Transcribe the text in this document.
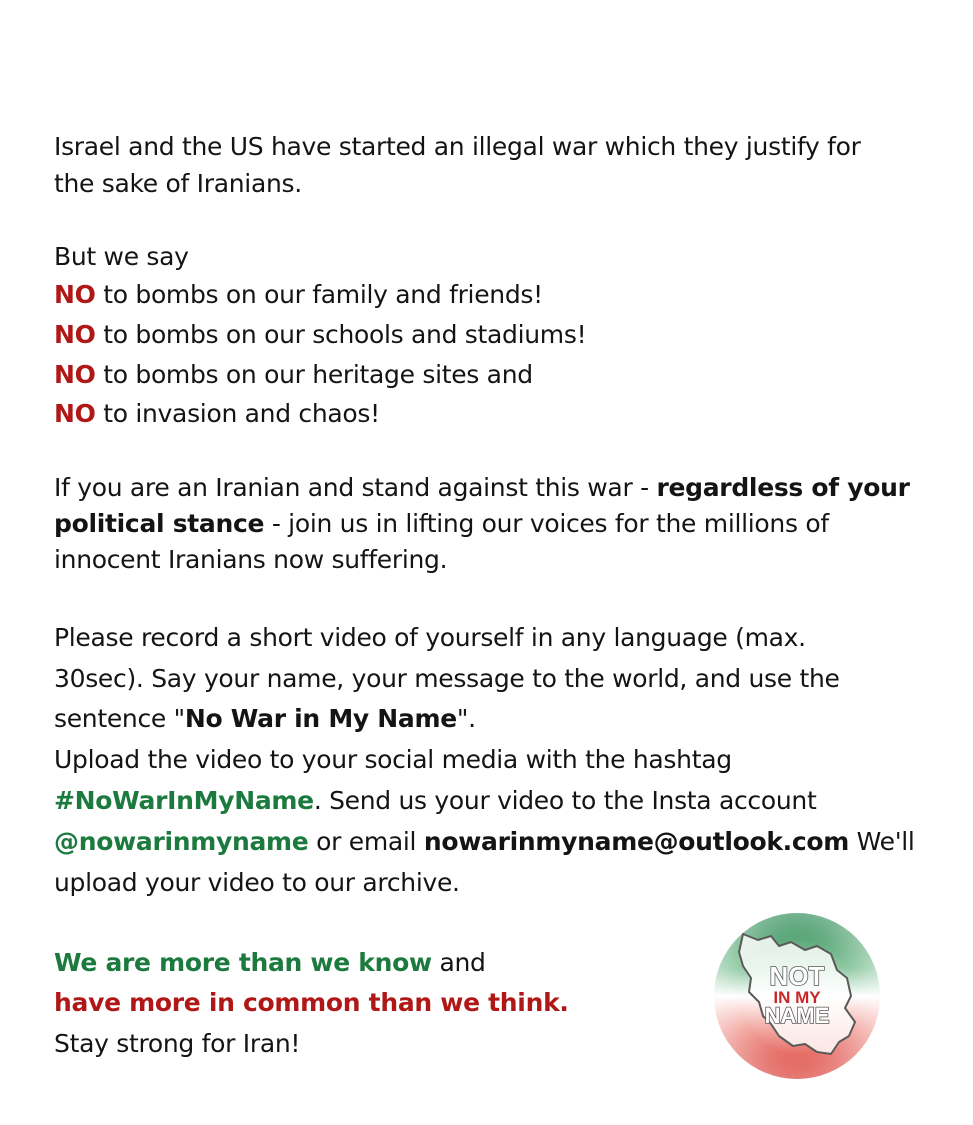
Israel and the US have started an illegal war which they justify for
the sake of Iranians.
But we say
NO to bombs on our family and friends!
NO to bombs on our schools and stadiums!
NO to bombs on our heritage sites and
NO to invasion and chaos!
If you are an Iranian and stand against this war - regardless of your
political stance - join us in lifting our voices for the millions of
innocent Iranians now suffering.
Please record a short video of yourself in any language (max.
30sec). Say your name, your message to the world, and use the
sentence "No War in My Name".
Upload the video to your social media with the hashtag
#NoWarInMyName. Send us your video to the Insta account
@nowarinmyname or email nowarinmyname@outlook.com We'll
upload your video to our archive.
We are more than we know and
have more in common than we think.
Stay strong for Iran!
NOT
IN MY
NAME
